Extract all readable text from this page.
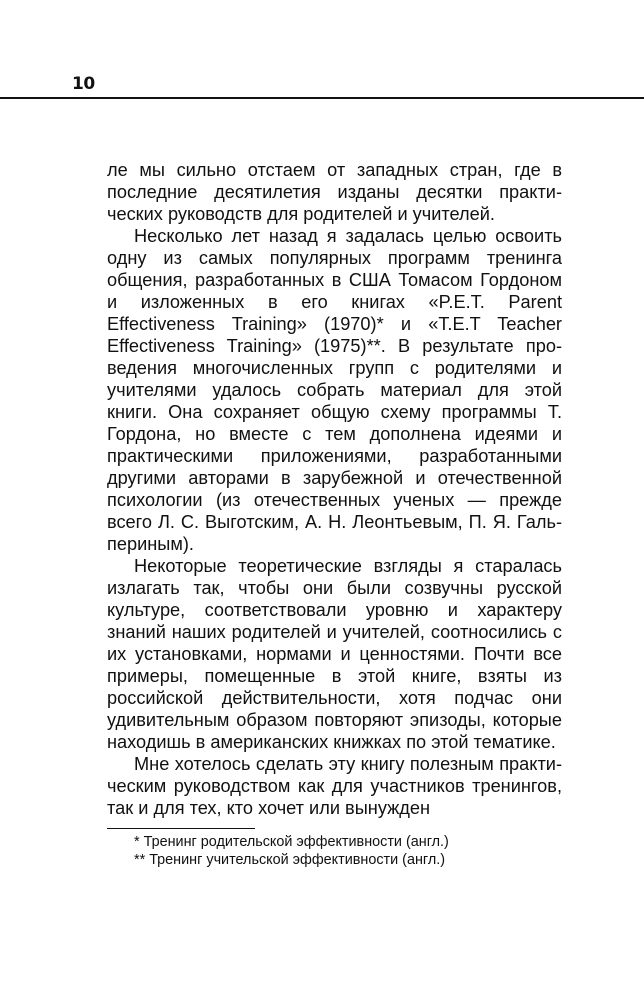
10

ле мы сильно отстаем от западных стран, где в последние десятилетия изданы десятки практических руководств для родителей и учителей.

Несколько лет назад я задалась целью освоить одну из самых популярных программ тренинга общения, разработанных в США Томасом Гордоном и изложенных в его книгах «P.E.T. Parent Effectiveness Training» (1970)* и «T.E.T Teacher Effectiveness Training» (1975)**. В результате проведения многочисленных групп с родителями и учителями удалось собрать материал для этой книги. Она сохраняет общую схему программы Т. Гордона, но вместе с тем дополнена идеями и практическими приложениями, разработанными другими авторами в зарубежной и отечественной психологии (из отечественных ученых — прежде всего Л. С. Выготским, А. Н. Леонтьевым, П. Я. Гальпериным).

Некоторые теоретические взгляды я старалась излагать так, чтобы они были созвучны русской культуре, соответствовали уровню и характеру знаний наших родителей и учителей, соотносились с их установками, нормами и ценностями. Почти все примеры, помещенные в этой книге, взяты из российской действительности, хотя подчас они удивительным образом повторяют эпизоды, которые находишь в американских книжках по этой тематике.

Мне хотелось сделать эту книгу полезным практическим руководством как для участников тренингов, так и для тех, кто хочет или вынужден

* Тренинг родительской эффективности (англ.)

** Тренинг учительской эффективности (англ.)
